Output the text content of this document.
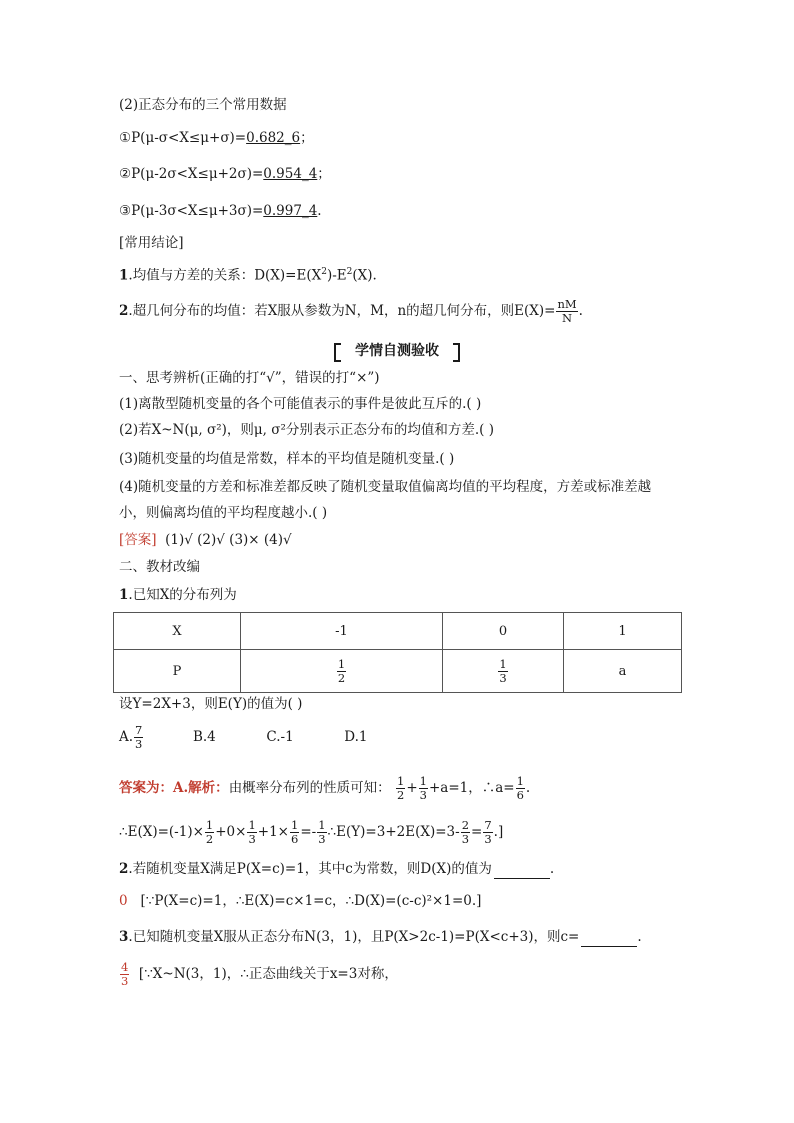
(2)正态分布的三个常用数据
①P(μ-σ<X≤μ+σ)=0.682_6；
②P(μ-2σ<X≤μ+2σ)=0.954_4；
③P(μ-3σ<X≤μ+3σ)=0.997_4.
[常用结论]
1.均值与方差的关系：$D(X)=E(X^2)-E^2(X)$.
2.超几何分布的均值：若X服从参数为N，M，n的超几何分布，则$E(X)= \frac{nM}{N}$ .
学情自测验收
一、思考辨析(正确的打“√”，错误的打“×”)
(1)离散型随机变量的各个可能值表示的事件是彼此互斥的.( )
(2)若X~N(μ, σ²)，则μ, σ²分别表示正态分布的均值和方差.( )
(3)随机变量的均值是常数，样本的平均值是随机变量.( )
(4)随机变量的方差和标准差都反映了随机变量取值偏离均值的平均程度，方差或标准差越
小，则偏离均值的平均程度越小.( )
[答案] (1)√ (2)√ (3)× (4)√
二、教材改编
1.已知X的分布列为
X	-1	0	1
P	$\frac{1}{2}$	$\frac{1}{3}$	a
设Y=2X+3，则E(Y)的值为( )
A. $\frac{7}{3}$	B.4	C.-1	D.1
答案为：A.解析：由概率分布列的性质可知： $\frac{1}{2} + \frac{1}{3} +a=1$，∴a= $\frac{1}{6}$ .
∴E(X)=(-1)× $\frac{1}{2} +0\times \frac{1}{3} +1\times \frac{1}{6} =- \frac{1}{3}$ ∴E(Y)=3+2E(X)=3- $\frac{2}{3} = \frac{7}{3}$ .]
2.若随机变量X满足P(X=c)=1，其中c为常数，则D(X)的值为	.
0 [∵P(X=c)=1，∴E(X)=c×1=c，∴D(X)=(c-c)²×1=0.]
3.已知随机变量X服从正态分布N(3，1)，且P(X>2c-1)=P(X<c+3)，则c=	.
$\frac{4}{3}$ [∵X~N(3，1)，∴正态曲线关于x=3对称，
